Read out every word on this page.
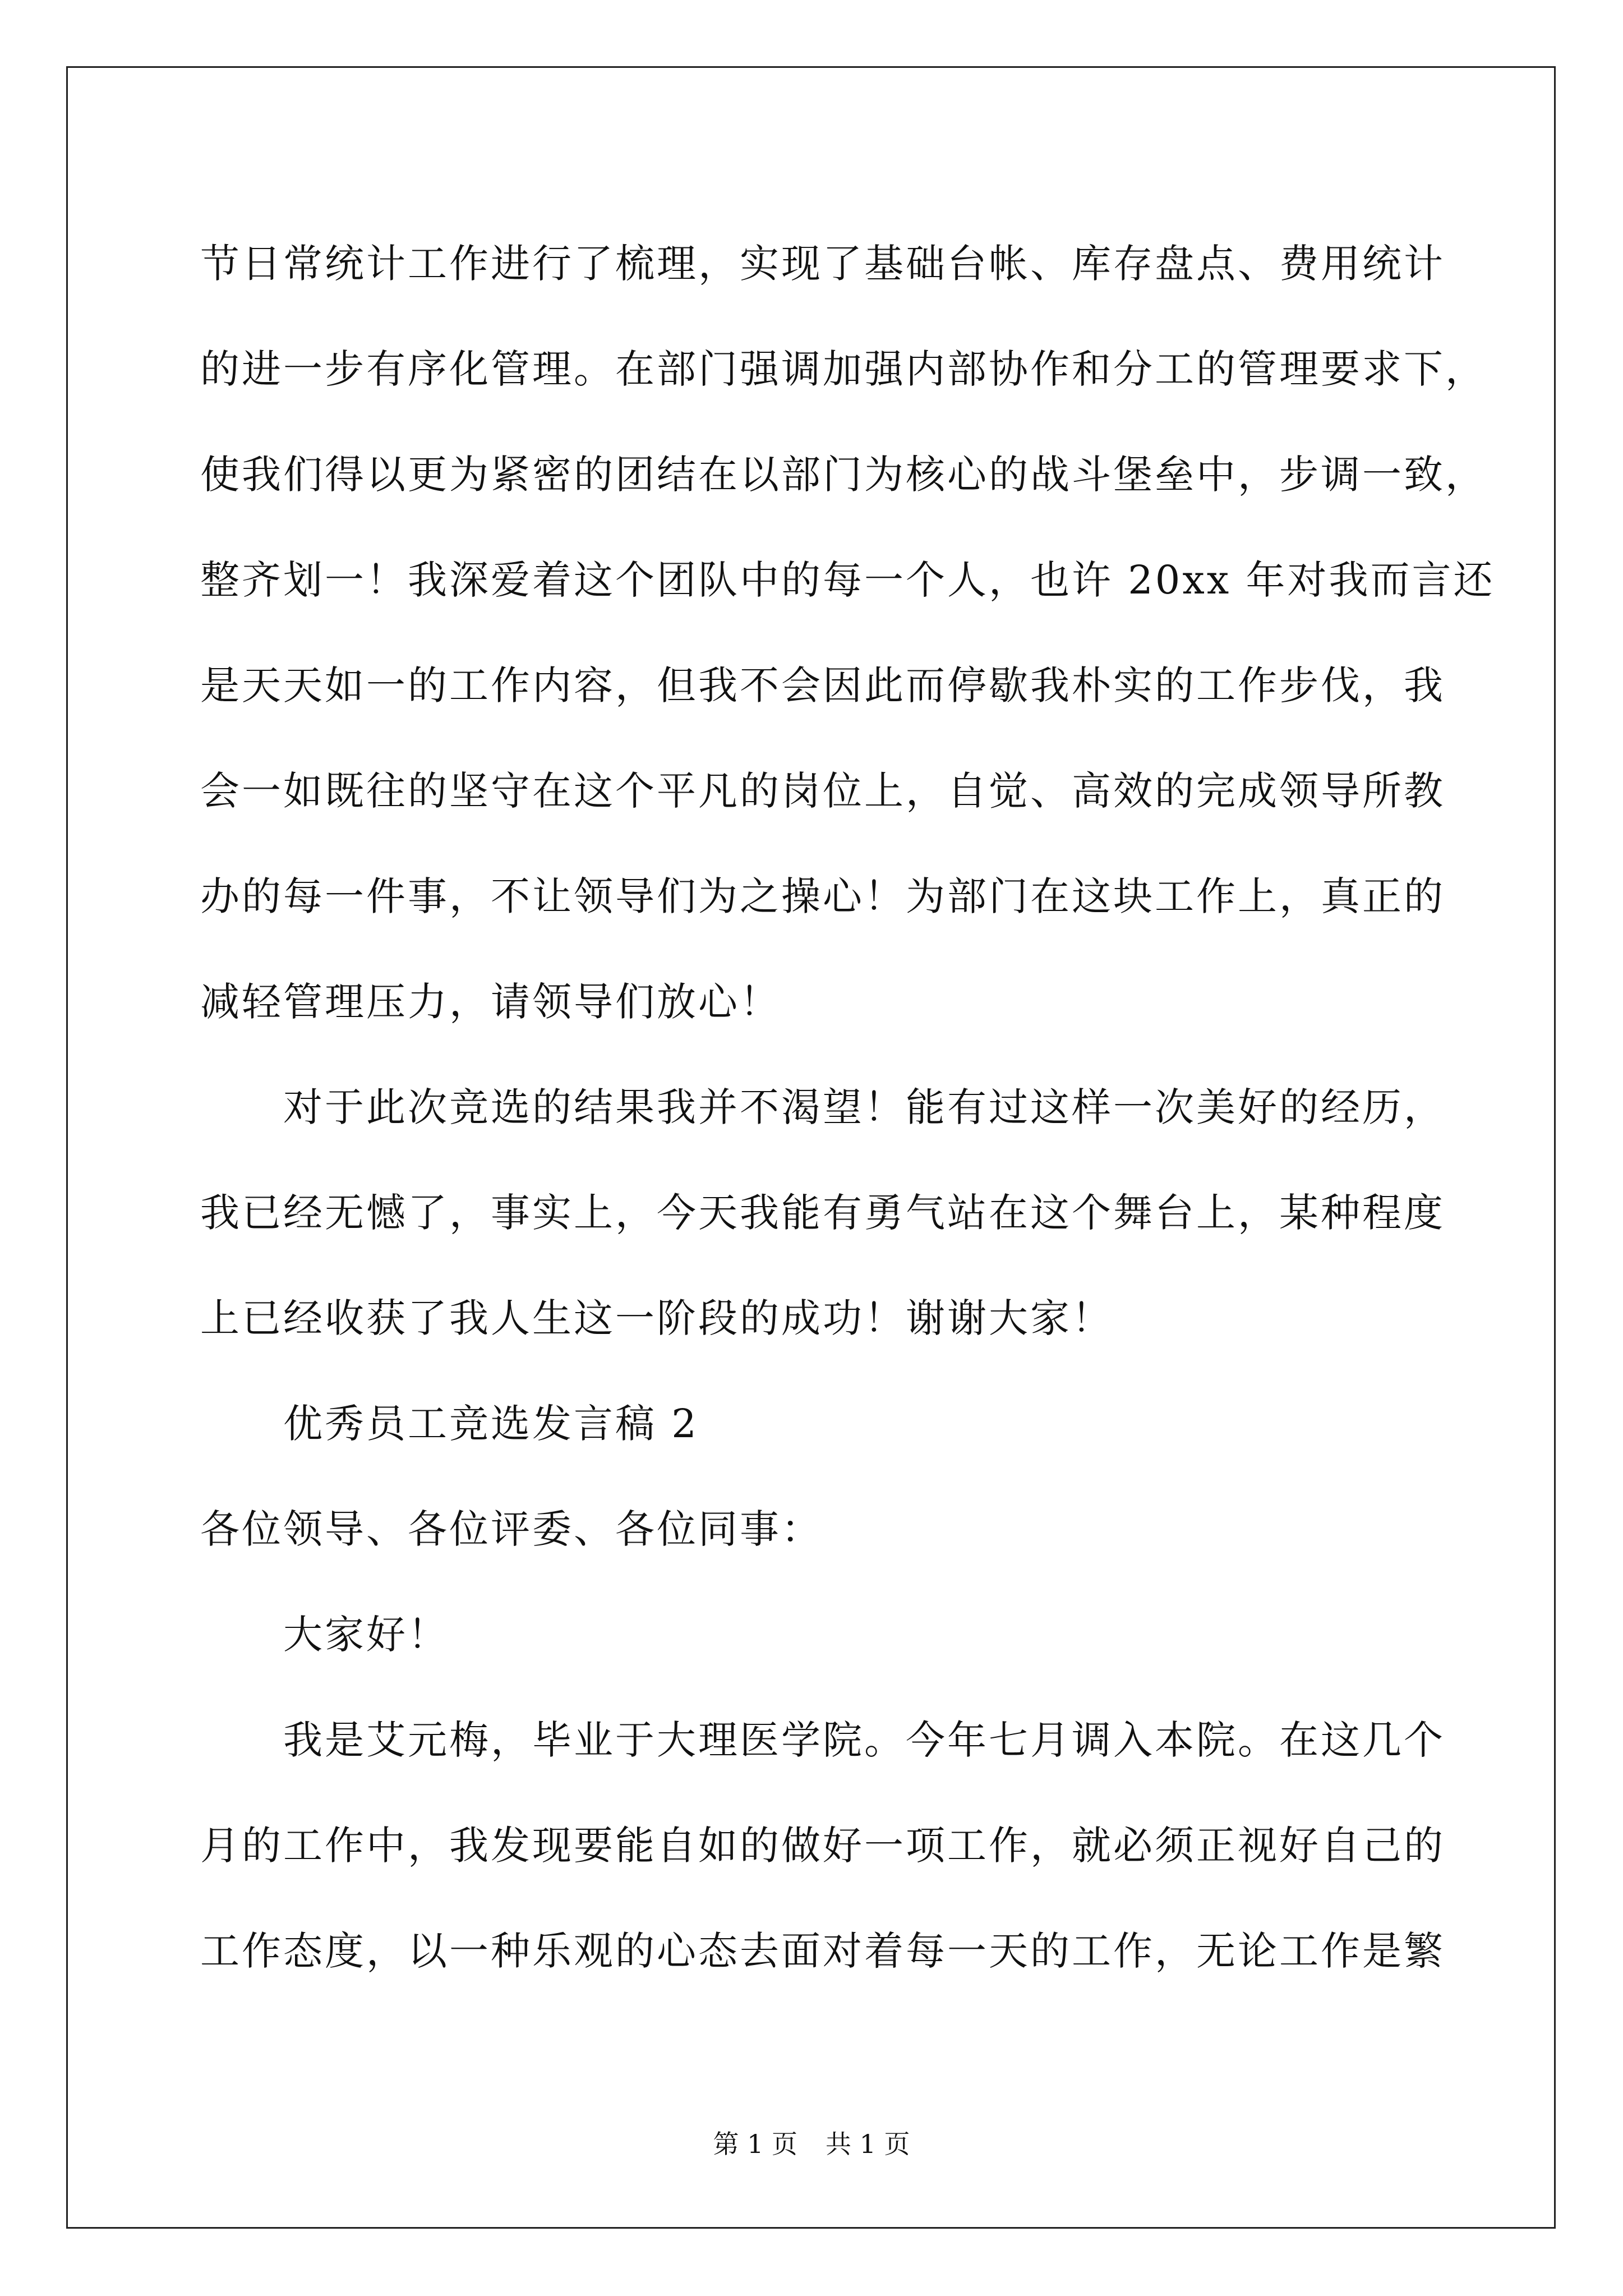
节日常统计工作进行了梳理，实现了基础台帐、库存盘点、费用统计
的进一步有序化管理。在部门强调加强内部协作和分工的管理要求下，
使我们得以更为紧密的团结在以部门为核心的战斗堡垒中，步调一致，
整齐划一！我深爱着这个团队中的每一个人，也许 20xx 年对我而言还
是天天如一的工作内容，但我不会因此而停歇我朴实的工作步伐，我
会一如既往的坚守在这个平凡的岗位上，自觉、高效的完成领导所教
办的每一件事，不让领导们为之操心！为部门在这块工作上，真正的
减轻管理压力，请领导们放心！
对于此次竞选的结果我并不渴望！能有过这样一次美好的经历，
我已经无憾了，事实上，今天我能有勇气站在这个舞台上，某种程度
上已经收获了我人生这一阶段的成功！谢谢大家！
优秀员工竞选发言稿 2
各位领导、各位评委、各位同事：
大家好！
我是艾元梅，毕业于大理医学院。今年七月调入本院。在这几个
月的工作中，我发现要能自如的做好一项工作，就必须正视好自己的
工作态度，以一种乐观的心态去面对着每一天的工作，无论工作是繁
第 1 页 共 1 页
